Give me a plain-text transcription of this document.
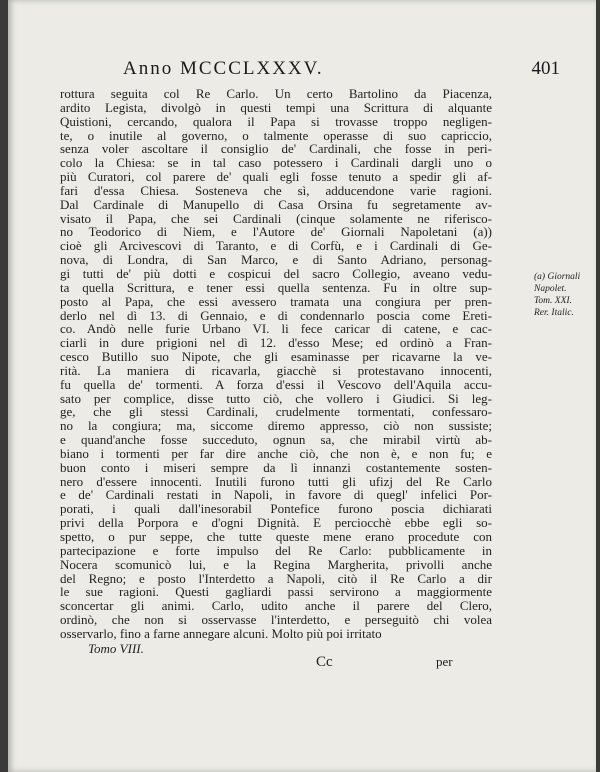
Anno MCCCLXXXV.	401
rottura seguita col Re Carlo. Un certo Bartolino da Piacenza,
ardito Legista, divolgò in questi tempi una Scrittura di alquante
Quistioni, cercando, qualora il Papa si trovasse troppo negligen-
te, o inutile al governo, o talmente operasse di suo capriccio,
senza voler ascoltare il consiglio de' Cardinali, che fosse in peri-
colo la Chiesa: se in tal caso potessero i Cardinali dargli uno o
più Curatori, col parere de' quali egli fosse tenuto a spedir gli af-
fari d'essa Chiesa. Sosteneva che sì, adducendone varie ragioni.
Dal Cardinale di Manupello di Casa Orsina fu segretamente av-
visato il Papa, che sei Cardinali (cinque solamente ne riferisco-
no Teodorico di Niem, e l'Autore de' Giornali Napoletani (a))
cioè gli Arcivescovi di Taranto, e di Corfù, e i Cardinali di Ge-
nova, di Londra, di San Marco, e di Santo Adriano, personag-
gi tutti de' più dotti e cospicui del sacro Collegio, aveano vedu-
ta quella Scrittura, e tener essi quella sentenza. Fu in oltre sup-
posto al Papa, che essi avessero tramata una congiura per pren-
derlo nel dì 13. di Gennaio, e di condennarlo poscia come Ereti-
co. Andò nelle furie Urbano VI. li fece caricar di catene, e cac-
ciarli in dure prigioni nel dì 12. d'esso Mese; ed ordinò a Fran-
cesco Butillo suo Nipote, che gli esaminasse per ricavarne la ve-
rità. La maniera di ricavarla, giacchè si protestavano innocenti,
fu quella de' tormenti. A forza d'essi il Vescovo dell'Aquila accu-
sato per complice, disse tutto ciò, che vollero i Giudici. Si leg-
ge, che gli stessi Cardinali, crudelmente tormentati, confessaro-
no la congiura; ma, siccome diremo appresso, ciò non sussiste;
e quand'anche fosse succeduto, ognun sa, che mirabil virtù ab-
biano i tormenti per far dire anche ciò, che non è, e non fu; e
buon conto i miseri sempre da lì innanzi costantemente sosten-
nero d'essere innocenti. Inutili furono tutti gli ufizj del Re Carlo
e de' Cardinali restati in Napoli, in favore di quegl' infelici Por-
porati, i quali dall'inesorabil Pontefice furono poscia dichiarati
privi della Porpora e d'ogni Dignità. E perciocchè ebbe egli so-
spetto, o pur seppe, che tutte queste mene erano procedute con
partecipazione e forte impulso del Re Carlo: pubblicamente in
Nocera scomunicò lui, e la Regina Margherita, privolli anche
del Regno; e posto l'Interdetto a Napoli, citò il Re Carlo a dir
le sue ragioni. Questi gagliardi passi servirono a maggiormente
sconcertar gli animi. Carlo, udito anche il parere del Clero,
ordinò, che non si osservasse l'interdetto, e perseguitò chi volea
osservarlo, fino a farne annegare alcuni. Molto più poi irritato
(a) Giornali
Napolet.
Tom. XXI.
Rer. Italic.
Tomo VIII.
Cc	per
